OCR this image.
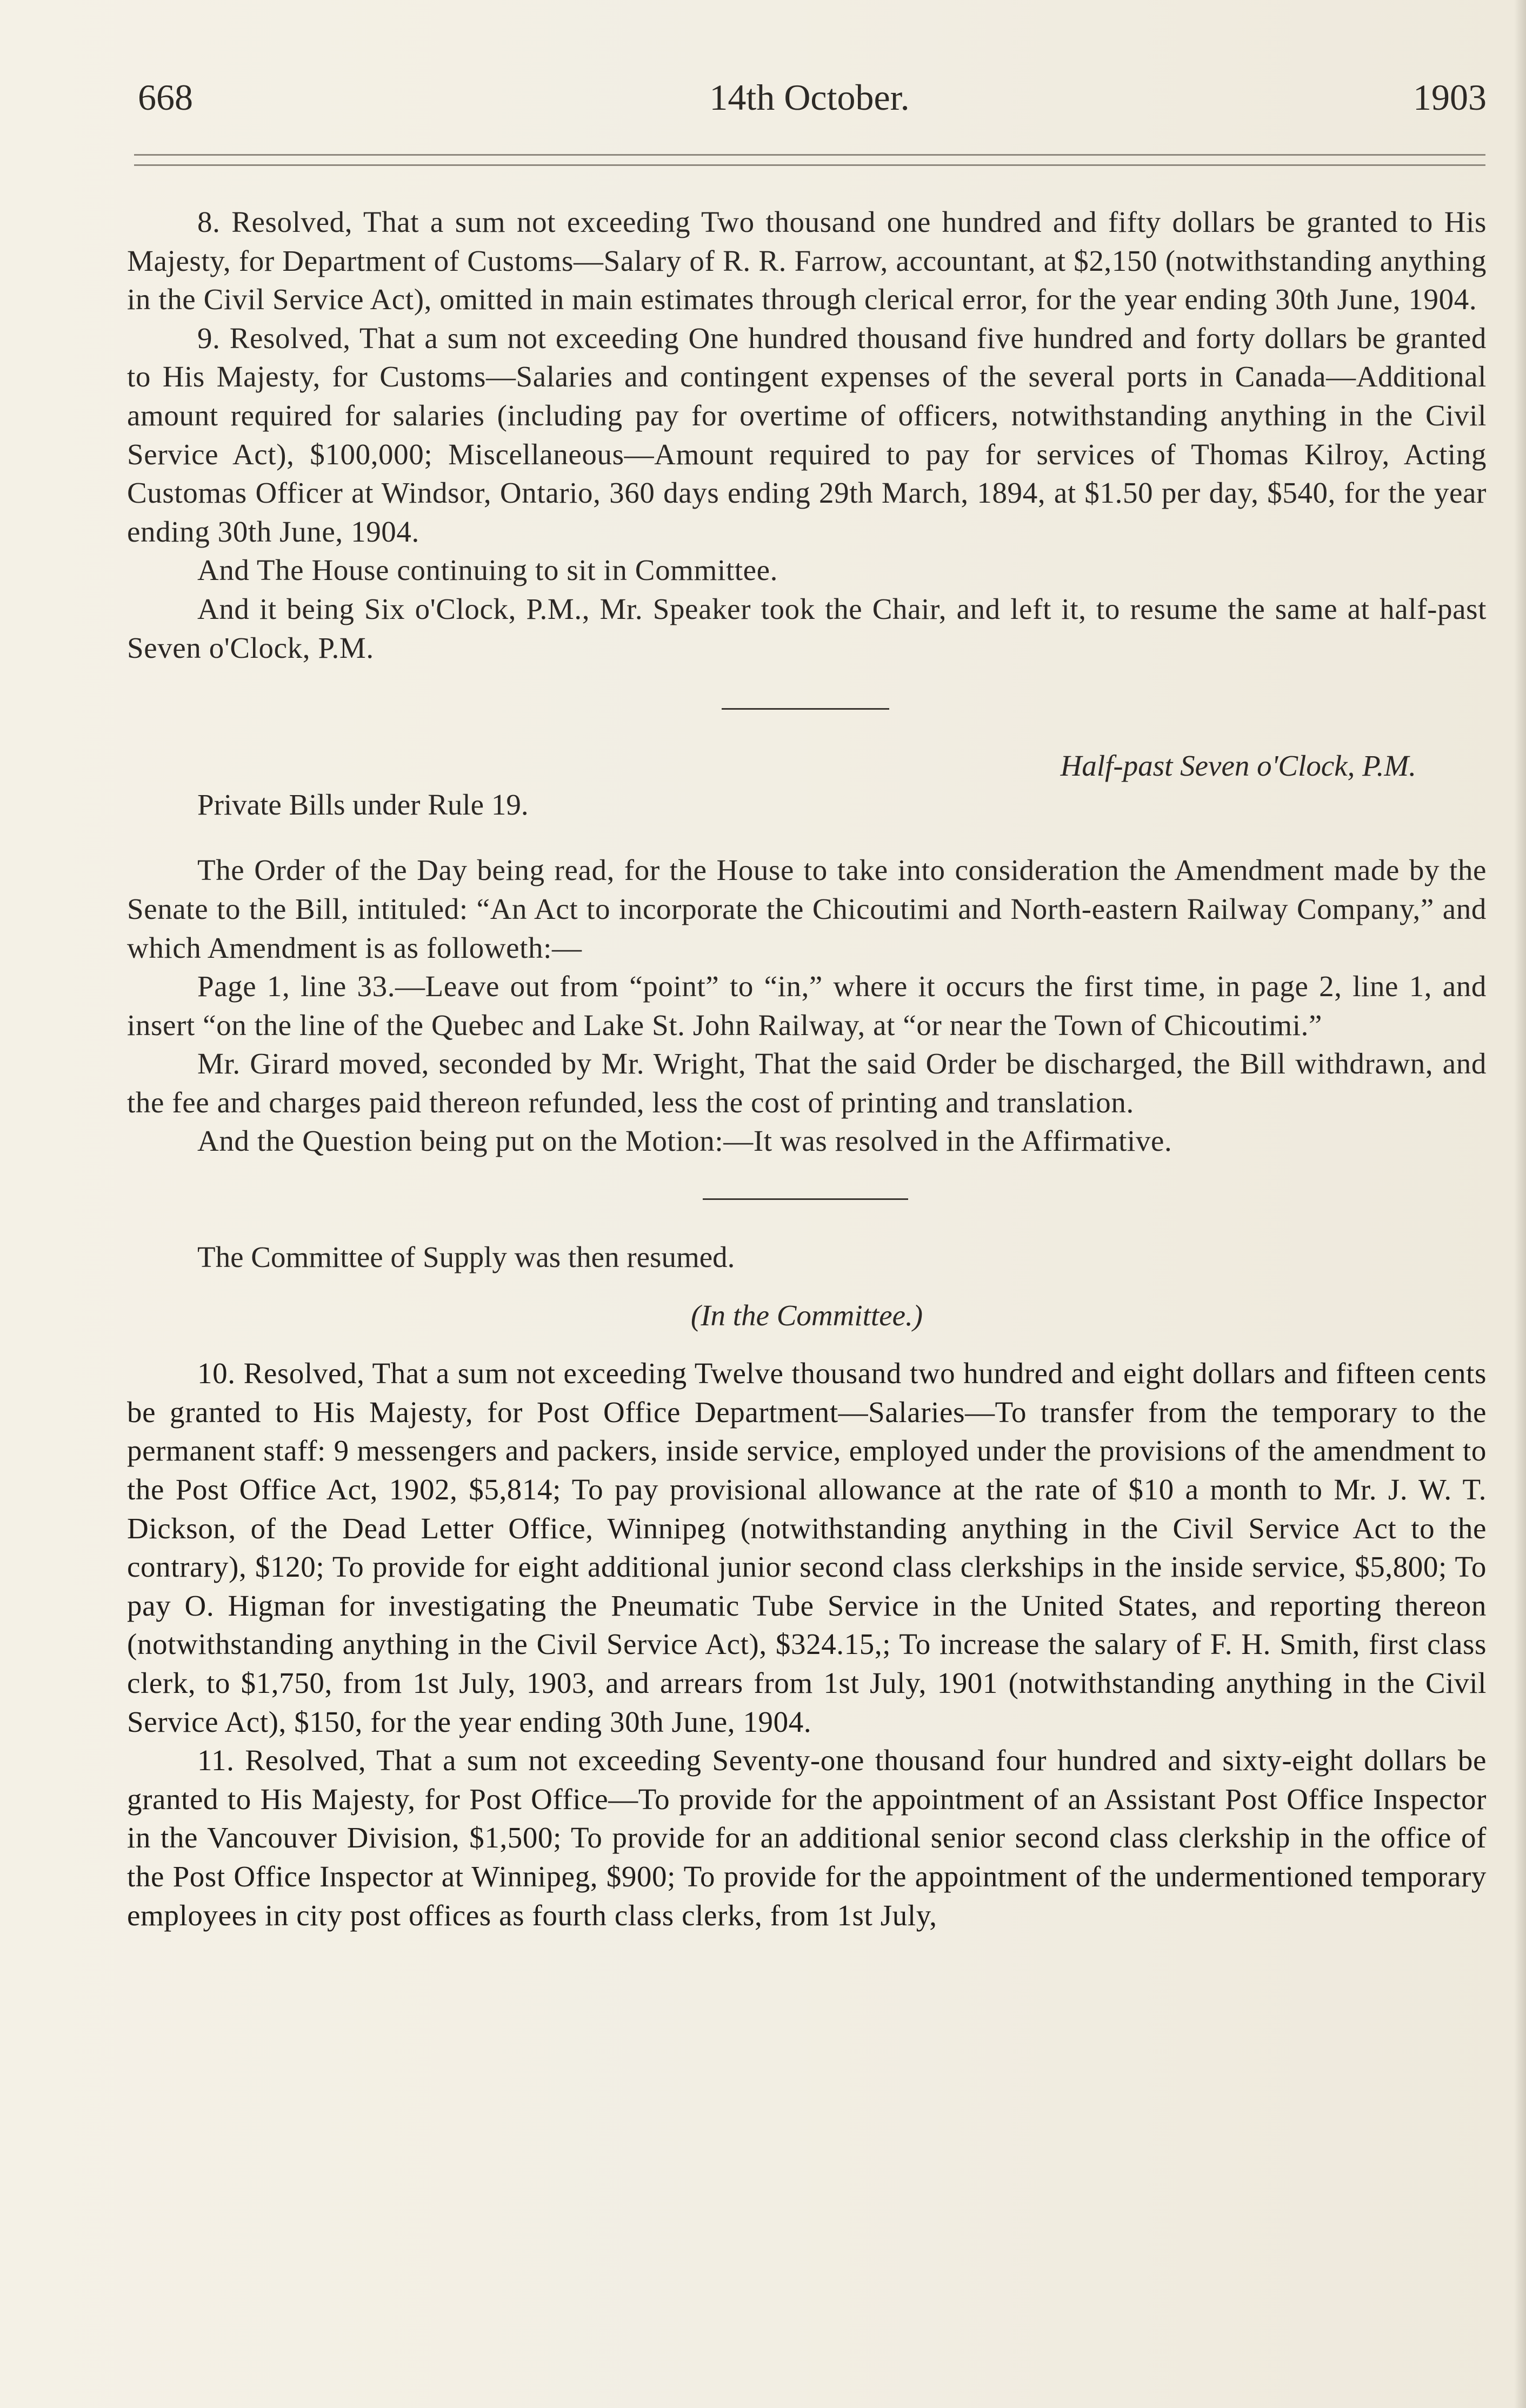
668	14th October.	1903

8. Resolved, That a sum not exceeding Two thousand one hundred and fifty dollars be granted to His Majesty, for Department of Customs—Salary of R. R. Farrow, accountant, at $2,150 (notwithstanding anything in the Civil Service Act), omitted in main estimates through clerical error, for the year ending 30th June, 1904.

9. Resolved, That a sum not exceeding One hundred thousand five hundred and forty dollars be granted to His Majesty, for Customs—Salaries and contingent expenses of the several ports in Canada—Additional amount required for salaries (including pay for overtime of officers, notwithstanding anything in the Civil Service Act), $100,000; Miscellaneous—Amount required to pay for services of Thomas Kilroy, Acting Customas Officer at Windsor, Ontario, 360 days ending 29th March, 1894, at $1.50 per day, $540, for the year ending 30th June, 1904.

And The House continuing to sit in Committee.

And it being Six o'Clock, P.M., Mr. Speaker took the Chair, and left it, to resume the same at half-past Seven o'Clock, P.M.

Half-past Seven o'Clock, P.M.

Private Bills under Rule 19.

The Order of the Day being read, for the House to take into consideration the Amendment made by the Senate to the Bill, intituled: “An Act to incorporate the Chicoutimi and North-eastern Railway Company,” and which Amendment is as followeth:—

Page 1, line 33.—Leave out from “point” to “in,” where it occurs the first time, in page 2, line 1, and insert “on the line of the Quebec and Lake St. John Railway, at “or near the Town of Chicoutimi.”

Mr. Girard moved, seconded by Mr. Wright, That the said Order be discharged, the Bill withdrawn, and the fee and charges paid thereon refunded, less the cost of printing and translation.

And the Question being put on the Motion:—It was resolved in the Affirmative.

The Committee of Supply was then resumed.

(In the Committee.)

10. Resolved, That a sum not exceeding Twelve thousand two hundred and eight dollars and fifteen cents be granted to His Majesty, for Post Office Department—Salaries—To transfer from the temporary to the permanent staff: 9 messengers and packers, inside service, employed under the provisions of the amendment to the Post Office Act, 1902, $5,814; To pay provisional allowance at the rate of $10 a month to Mr. J. W. T. Dickson, of the Dead Letter Office, Winnipeg (notwithstanding anything in the Civil Service Act to the contrary), $120; To provide for eight additional junior second class clerkships in the inside service, $5,800; To pay O. Higman for investigating the Pneumatic Tube Service in the United States, and reporting thereon (notwithstanding anything in the Civil Service Act), $324.15,; To increase the salary of F. H. Smith, first class clerk, to $1,750, from 1st July, 1903, and arrears from 1st July, 1901 (notwithstanding anything in the Civil Service Act), $150, for the year ending 30th June, 1904.

11. Resolved, That a sum not exceeding Seventy-one thousand four hundred and sixty-eight dollars be granted to His Majesty, for Post Office—To provide for the appointment of an Assistant Post Office Inspector in the Vancouver Division, $1,500; To provide for an additional senior second class clerkship in the office of the Post Office Inspector at Winnipeg, $900; To provide for the appointment of the undermentioned temporary employees in city post offices as fourth class clerks, from 1st July,
